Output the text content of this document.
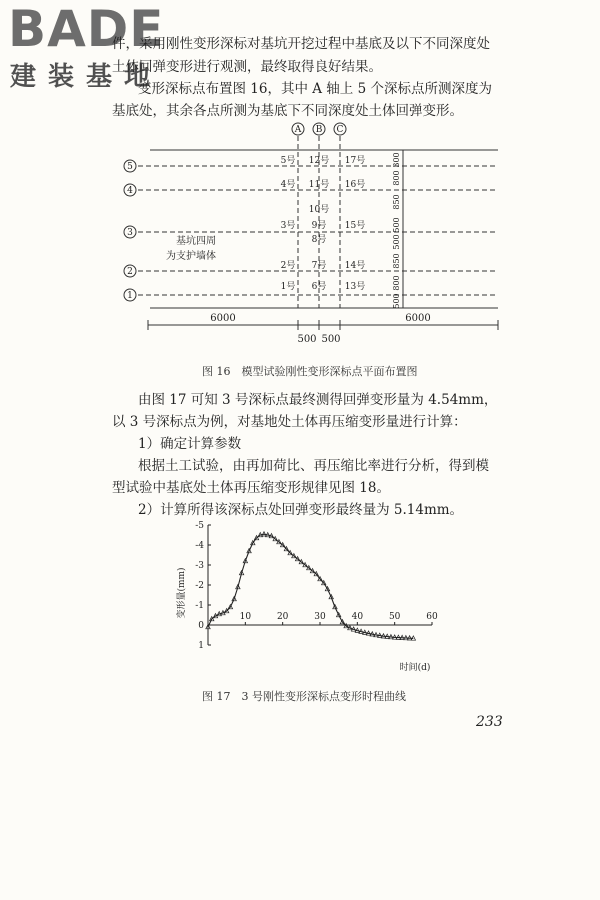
BADE
建装基地
件，采用刚性变形深标对基坑开挖过程中基底及以下不同深度处
土体回弹变形进行观测，最终取得良好结果。
变形深标点布置图 16，其中 A 轴上 5 个深标点所测深度为
基底处，其余各点所测为基底下不同深度处土体回弹变形。
A B C
5
4
3
2
1
5号 12号 17号
4号 11号 16号
10号
3号 9号 15号
8号
2号 7号 14号
1号 6号 13号
基坑四周
为支护墙体
300
800
850
500
500
850
800
500
6000
500 500
6000
图 16　模型试验刚性变形深标点平面布置图
由图 17 可知 3 号深标点最终测得回弹变形量为 4.54mm，
以 3 号深标点为例，对基地处土体再压缩变形量进行计算：
1）确定计算参数
根据土工试验，由再加荷比、再压缩比率进行分析，得到模
型试验中基底处土体再压缩变形规律见图 18。
2）计算所得该深标点处回弹变形最终量为 5.14mm。
-5
-4
-3
-2
-1
0
1
10	20	30	40	50	60
变形量(mm)
时间(d)
图 17　3 号刚性变形深标点变形时程曲线
233
